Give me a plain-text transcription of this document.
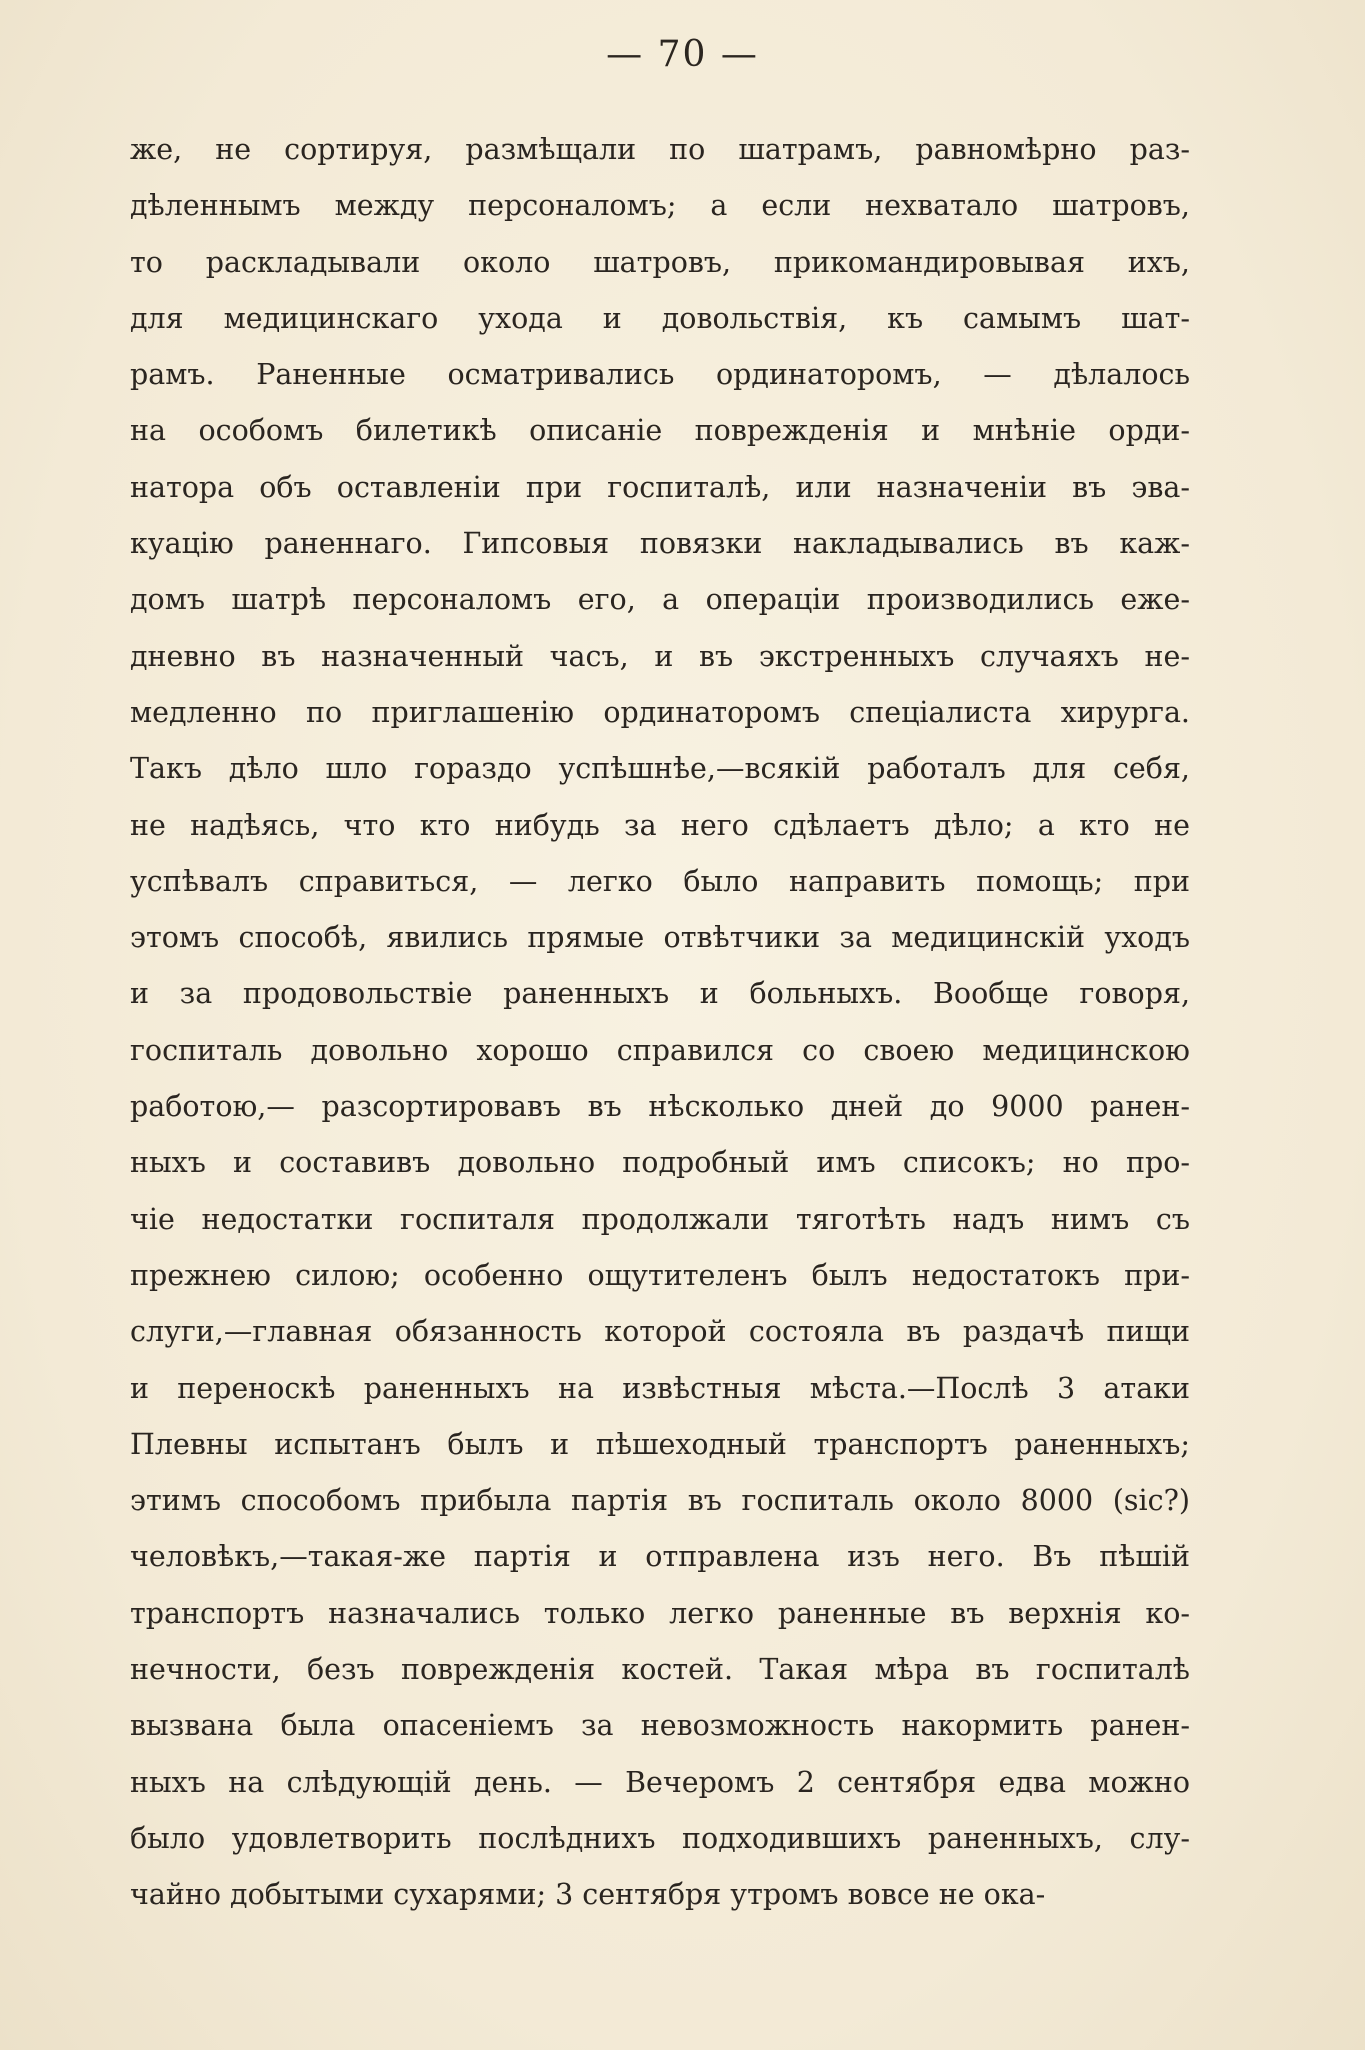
— 70 —
же, не сортируя, размѣщали по шатрамъ, равномѣрно раз-
дѣленнымъ между персоналомъ; а если нехватало шатровъ,
то раскладывали около шатровъ, прикомандировывая ихъ,
для медицинскаго ухода и довольствія, къ самымъ шат-
рамъ. Раненные осматривались ординаторомъ, — дѣлалось
на особомъ билетикѣ описаніе поврежденія и мнѣніе орди-
натора объ оставленіи при госпиталѣ, или назначеніи въ эва-
куацію раненнаго. Гипсовыя повязки накладывались въ каж-
домъ шатрѣ персоналомъ его, а операціи производились еже-
дневно въ назначенный часъ, и въ экстренныхъ случаяхъ не-
медленно по приглашенію ординаторомъ спеціалиста хирурга.
Такъ дѣло шло гораздо успѣшнѣе,—всякій работалъ для себя,
не надѣясь, что кто нибудь за него сдѣлаетъ дѣло; а кто не
успѣвалъ справиться, — легко было направить помощь; при
этомъ способѣ, явились прямые отвѣтчики за медицинскій уходъ
и за продовольствіе раненныхъ и больныхъ. Вообще говоря,
госпиталь довольно хорошо справился со своею медицинскою
работою,— разсортировавъ въ нѣсколько дней до 9000 ранен-
ныхъ и составивъ довольно подробный имъ списокъ; но про-
чіе недостатки госпиталя продолжали тяготѣть надъ нимъ съ
прежнею силою; особенно ощутителенъ былъ недостатокъ при-
слуги,—главная обязанность которой состояла въ раздачѣ пищи
и переноскѣ раненныхъ на извѣстныя мѣста.—Послѣ 3 атаки
Плевны испытанъ былъ и пѣшеходный транспортъ раненныхъ;
этимъ способомъ прибыла партія въ госпиталь около 8000 (sic?)
человѣкъ,—такая-же партія и отправлена изъ него. Въ пѣшій
транспортъ назначались только легко раненные въ верхнія ко-
нечности, безъ поврежденія костей. Такая мѣра въ госпиталѣ
вызвана была опасеніемъ за невозможность накормить ранен-
ныхъ на слѣдующій день. — Вечеромъ 2 сентября едва можно
было удовлетворить послѣднихъ подходившихъ раненныхъ, слу-
чайно добытыми сухарями; 3 сентября утромъ вовсе не ока-
